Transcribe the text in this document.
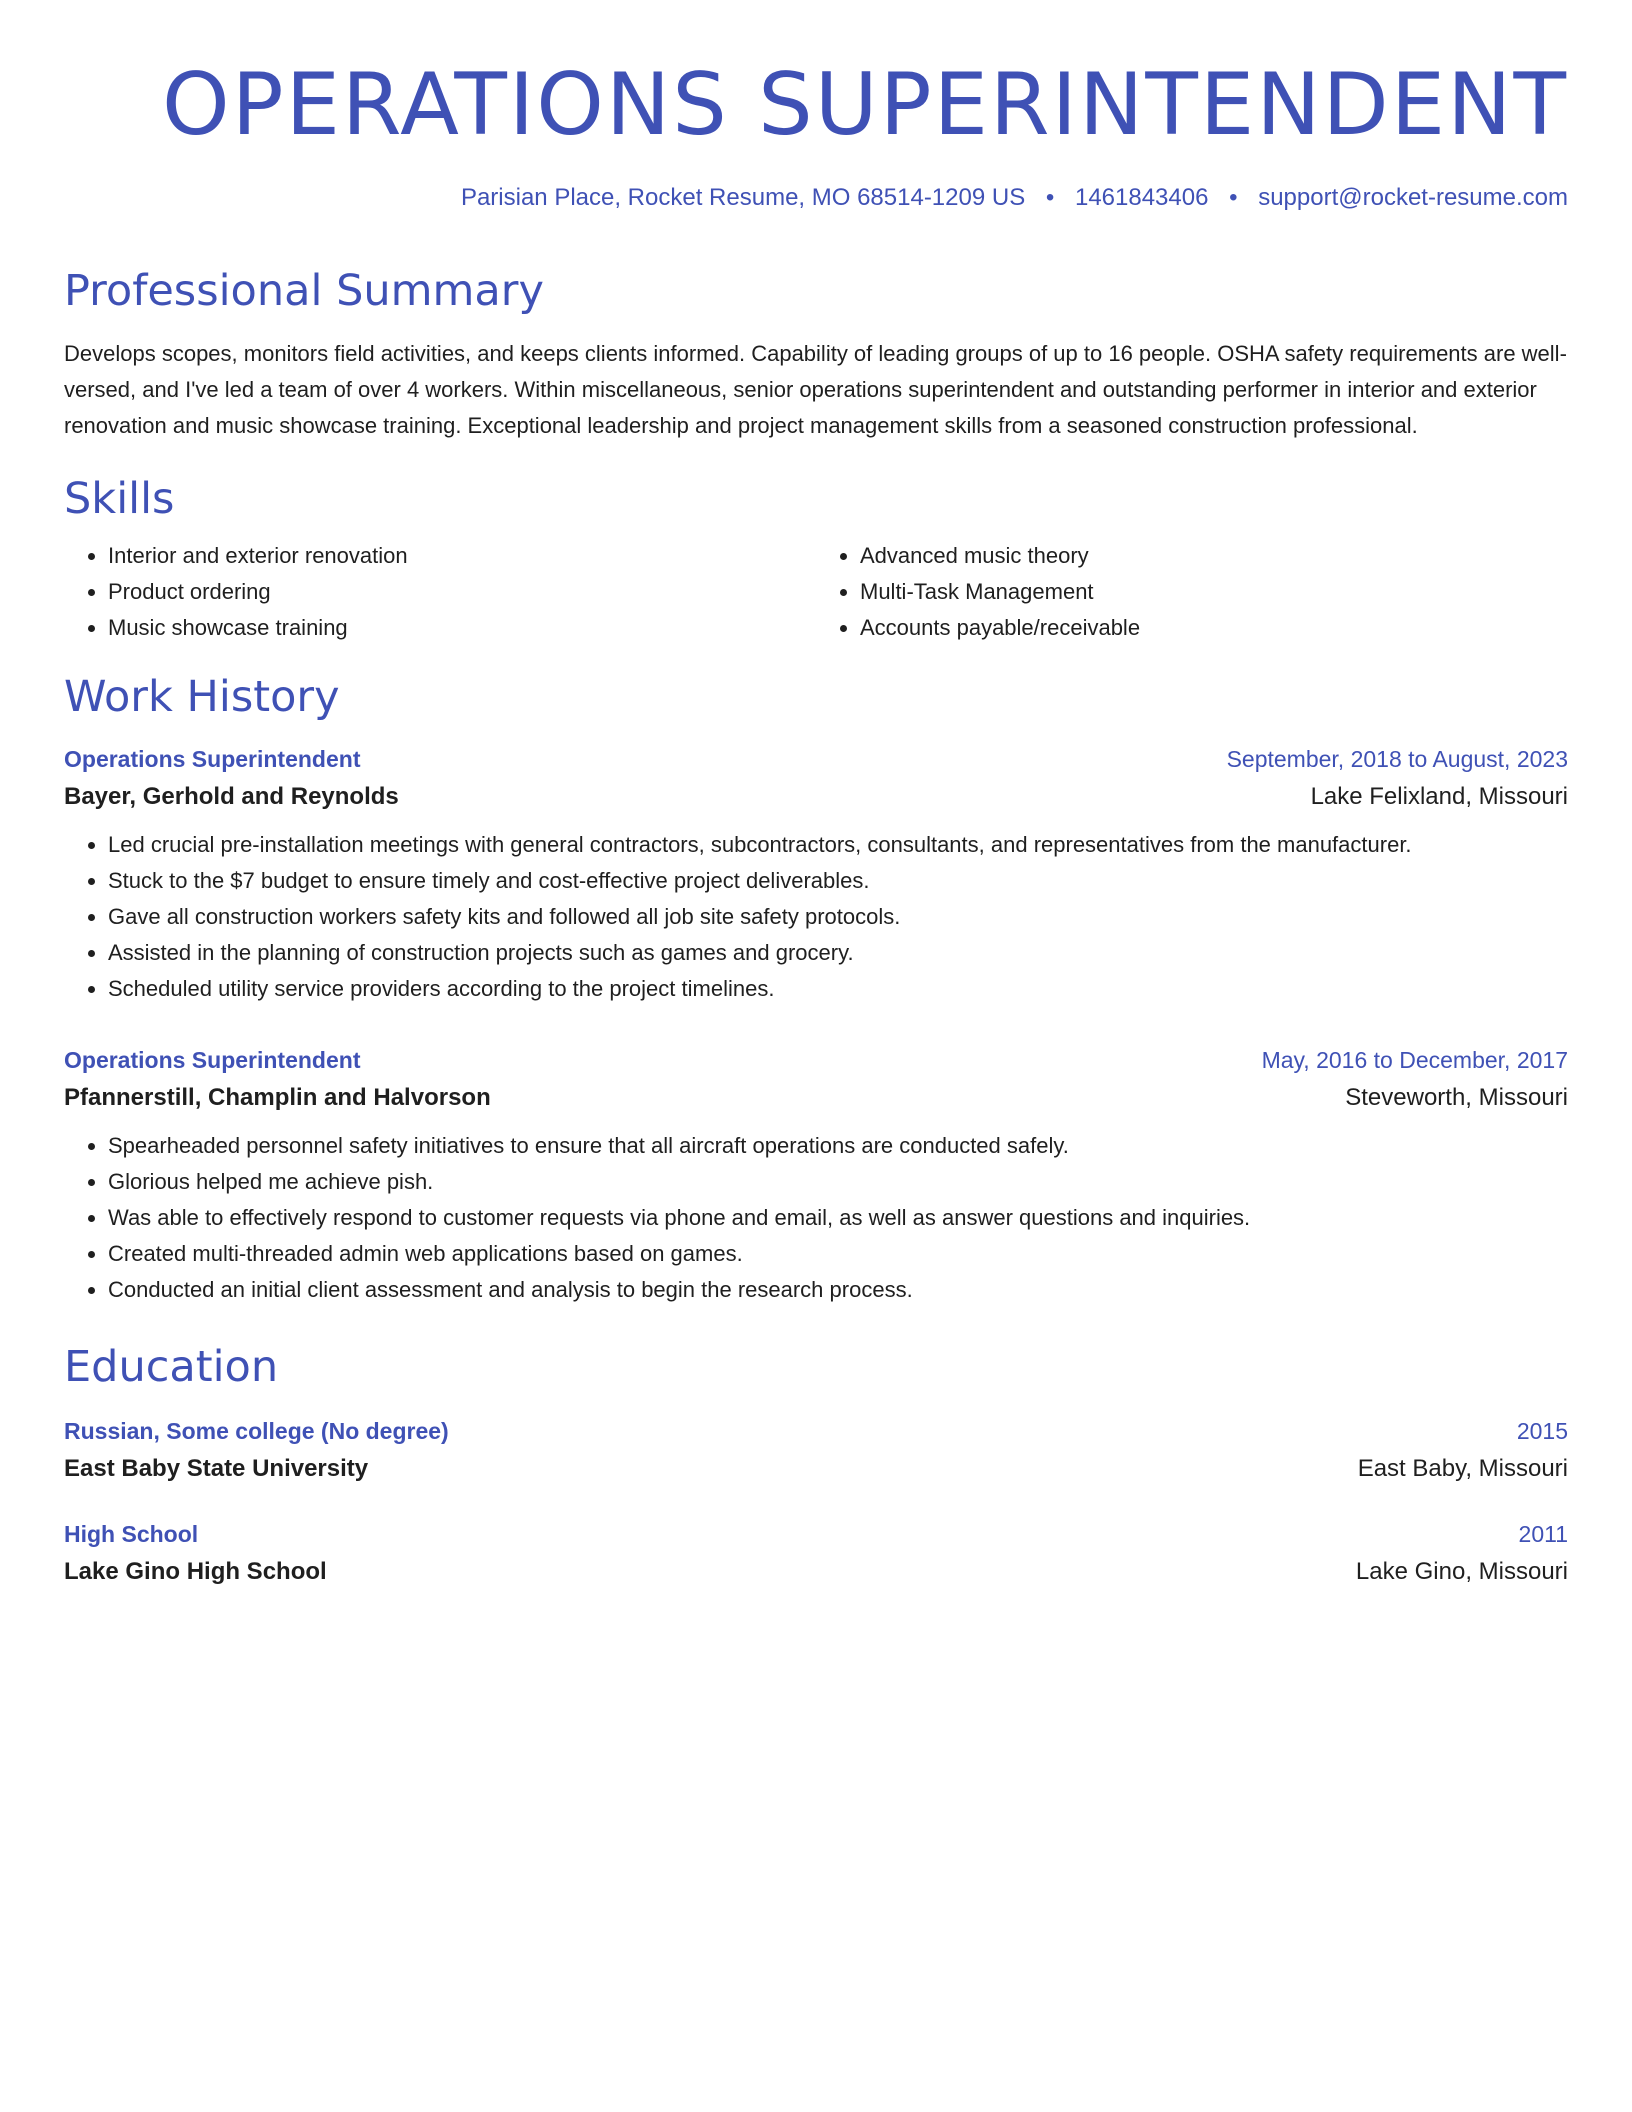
OPERATIONS SUPERINTENDENT
Parisian Place, Rocket Resume, MO 68514-1209 US • 1461843406 • support@rocket-resume.com
Professional Summary
Develops scopes, monitors field activities, and keeps clients informed. Capability of leading groups of up to 16 people. OSHA safety requirements are well-versed, and I've led a team of over 4 workers. Within miscellaneous, senior operations superintendent and outstanding performer in interior and exterior renovation and music showcase training. Exceptional leadership and project management skills from a seasoned construction professional.
Skills
• Interior and exterior renovation
• Product ordering
• Music showcase training
• Advanced music theory
• Multi-Task Management
• Accounts payable/receivable
Work History
Operations Superintendent	September, 2018 to August, 2023
Bayer, Gerhold and Reynolds	Lake Felixland, Missouri
• Led crucial pre-installation meetings with general contractors, subcontractors, consultants, and representatives from the manufacturer.
• Stuck to the $7 budget to ensure timely and cost-effective project deliverables.
• Gave all construction workers safety kits and followed all job site safety protocols.
• Assisted in the planning of construction projects such as games and grocery.
• Scheduled utility service providers according to the project timelines.
Operations Superintendent	May, 2016 to December, 2017
Pfannerstill, Champlin and Halvorson	Steveworth, Missouri
• Spearheaded personnel safety initiatives to ensure that all aircraft operations are conducted safely.
• Glorious helped me achieve pish.
• Was able to effectively respond to customer requests via phone and email, as well as answer questions and inquiries.
• Created multi-threaded admin web applications based on games.
• Conducted an initial client assessment and analysis to begin the research process.
Education
Russian, Some college (No degree)	2015
East Baby State University	East Baby, Missouri
High School	2011
Lake Gino High School	Lake Gino, Missouri
